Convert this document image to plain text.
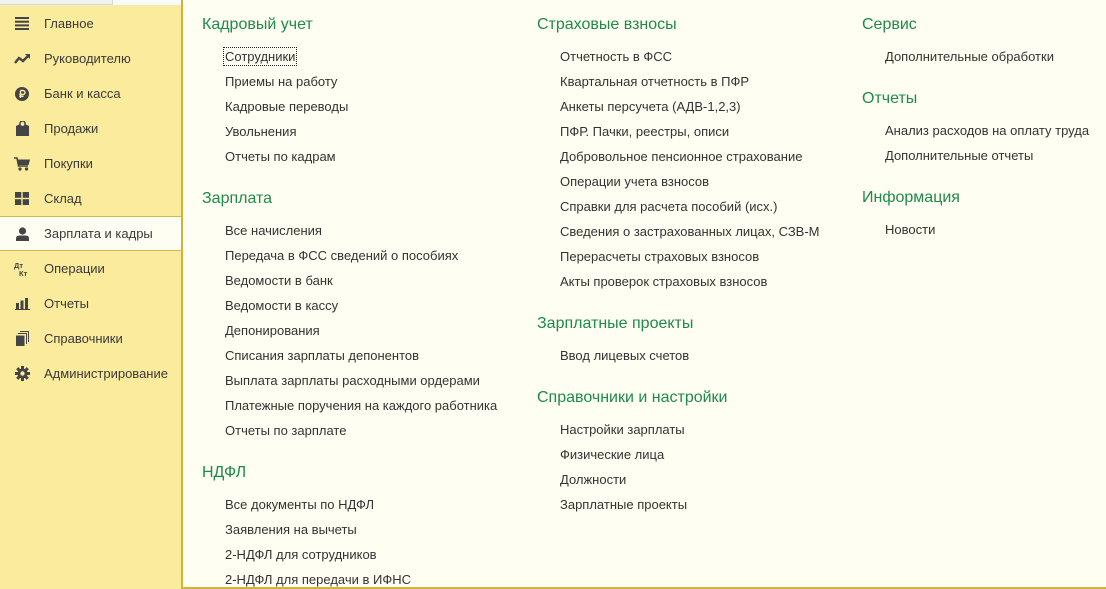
Главное
Руководителю
Банк и касса
Продажи
Покупки
Склад
Зарплата и кадры
Дт
Кт Операции
Отчеты
Справочники
Администрирование
Кадровый учет
Сотрудники
Приемы на работу
Кадровые переводы
Увольнения
Отчеты по кадрам
Зарплата
Все начисления
Передача в ФСС сведений о пособиях
Ведомости в банк
Ведомости в кассу
Депонирования
Списания зарплаты депонентов
Выплата зарплаты расходными ордерами
Платежные поручения на каждого работника
Отчеты по зарплате
НДФЛ
Все документы по НДФЛ
Заявления на вычеты
2-НДФЛ для сотрудников
2-НДФЛ для передачи в ИФНС
Страховые взносы
Отчетность в ФСС
Квартальная отчетность в ПФР
Анкеты персучета (АДВ-1,2,3)
ПФР. Пачки, реестры, описи
Добровольное пенсионное страхование
Операции учета взносов
Справки для расчета пособий (исх.)
Сведения о застрахованных лицах, СЗВ-М
Перерасчеты страховых взносов
Акты проверок страховых взносов
Зарплатные проекты
Ввод лицевых счетов
Справочники и настройки
Настройки зарплаты
Физические лица
Должности
Зарплатные проекты
Сервис
Дополнительные обработки
Отчеты
Анализ расходов на оплату труда
Дополнительные отчеты
Информация
Новости
